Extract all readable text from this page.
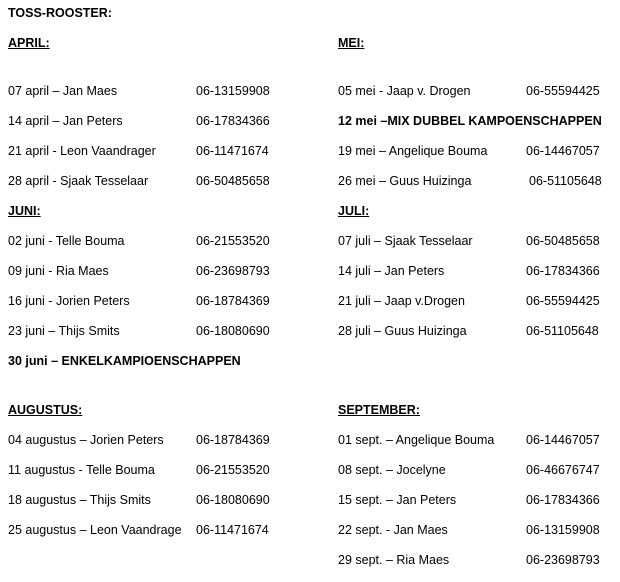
TOSS-ROOSTER:
APRIL:
07 april – Jan Maes	06-13159908
14 april – Jan Peters	06-17834366
21 april - Leon Vaandrager	06-11471674
28 april - Sjaak Tesselaar	06-50485658
MEI:
05 mei - Jaap v. Drogen	06-55594425
12 mei –MIX DUBBEL KAMPOENSCHAPPEN
19 mei – Angelique Bouma	06-14467057
26 mei – Guus Huizinga	06-51105648
JUNI:
02 juni - Telle Bouma	06-21553520
09 juni - Ria Maes	06-23698793
16 juni - Jorien Peters	06-18784369
23 juni – Thijs Smits	06-18080690
30 juni – ENKELKAMPIOENSCHAPPEN
JULI:
07 juli – Sjaak Tesselaar	06-50485658
14 juli – Jan Peters	06-17834366
21 juli – Jaap v.Drogen	06-55594425
28 juli – Guus Huizinga	06-51105648
AUGUSTUS:
04 augustus – Jorien Peters	06-18784369
11 augustus - Telle Bouma	06-21553520
18 augustus – Thijs Smits	06-18080690
25 augustus – Leon Vaandrage 06-11471674
SEPTEMBER:
01 sept. – Angelique Bouma	06-14467057
08 sept. – Jocelyne	06-46676747
15 sept. – Jan Peters	06-17834366
22 sept. - Jan Maes	06-13159908
29 sept. – Ria Maes	06-23698793
